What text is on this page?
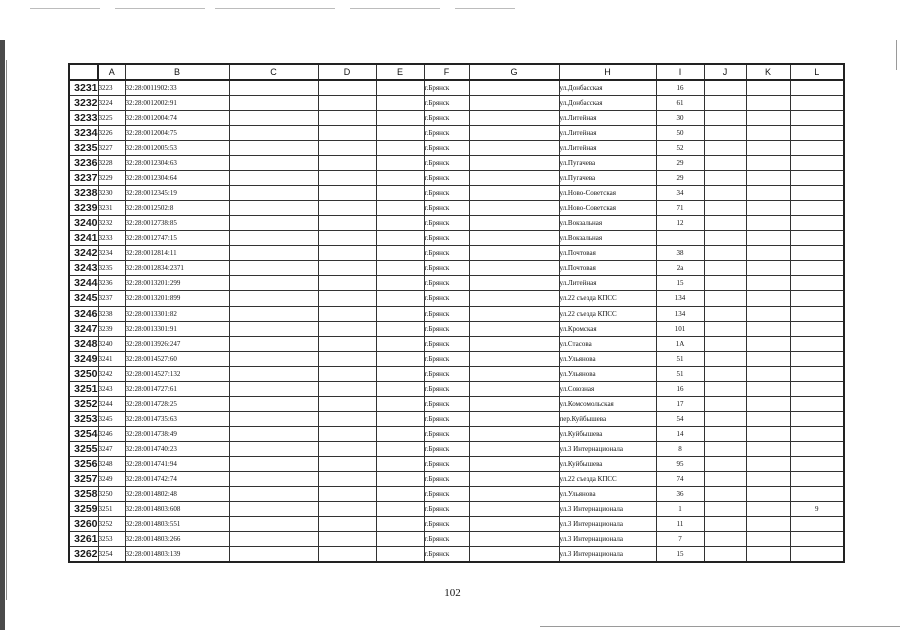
	A	B	C	D	E	F	G	H	I	J	K	L
3231	3223	32:28:0011902:33				г.Брянск		ул.Донбасская	16			
3232	3224	32:28:0012002:91				г.Брянск		ул.Донбасская	61			
3233	3225	32:28:0012004:74				г.Брянск		ул.Литейная	30			
3234	3226	32:28:0012004:75				г.Брянск		ул.Литейная	50			
3235	3227	32:28:0012005:53				г.Брянск		ул.Литейная	52			
3236	3228	32:28:0012304:63				г.Брянск		ул.Пугачева	29			
3237	3229	32:28:0012304:64				г.Брянск		ул.Пугачева	29			
3238	3230	32:28:0012345:19				г.Брянск		ул.Ново-Советская	34			
3239	3231	32:28:0012502:8				г.Брянск		ул.Ново-Советская	71			
3240	3232	32:28:0012738:85				г.Брянск		ул.Вокзальная	12			
3241	3233	32:28:0012747:15				г.Брянск		ул.Вокзальная				
3242	3234	32:28:0012814:11				г.Брянск		ул.Почтовая	38			
3243	3235	32:28:0012834:2371				г.Брянск		ул.Почтовая	2а			
3244	3236	32:28:0013201:299				г.Брянск		ул.Литейная	15			
3245	3237	32:28:0013201:899				г.Брянск		ул.22 съезда КПСС	134			
3246	3238	32:28:0013301:82				г.Брянск		ул.22 съезда КПСС	134			
3247	3239	32:28:0013301:91				г.Брянск		ул.Кромская	101			
3248	3240	32:28:0013926:247				г.Брянск		ул.Стасова	1А			
3249	3241	32:28:0014527:60				г.Брянск		ул.Ульянова	51			
3250	3242	32:28:0014527:132				г.Брянск		ул.Ульянова	51			
3251	3243	32:28:0014727:61				г.Брянск		ул.Союзная	16			
3252	3244	32:28:0014728:25				г.Брянск		ул.Комсомольская	17			
3253	3245	32:28:0014735:63				г.Брянск		пер.Куйбышева	54			
3254	3246	32:28:0014738:49				г.Брянск		ул.Куйбышева	14			
3255	3247	32:28:0014740:23				г.Брянск		ул.3 Интернационала	8			
3256	3248	32:28:0014741:94				г.Брянск		ул.Куйбышева	95			
3257	3249	32:28:0014742:74				г.Брянск		ул.22 съезда КПСС	74			
3258	3250	32:28:0014802:48				г.Брянск		ул.Ульянова	36			
3259	3251	32:28:0014803:608				г.Брянск		ул.3 Интернационала	1			9
3260	3252	32:28:0014803:551				г.Брянск		ул.3 Интернационала	11			
3261	3253	32:28:0014803:266				г.Брянск		ул.3 Интернационала	7			
3262	3254	32:28:0014803:139				г.Брянск		ул.3 Интернационала	15			
102
